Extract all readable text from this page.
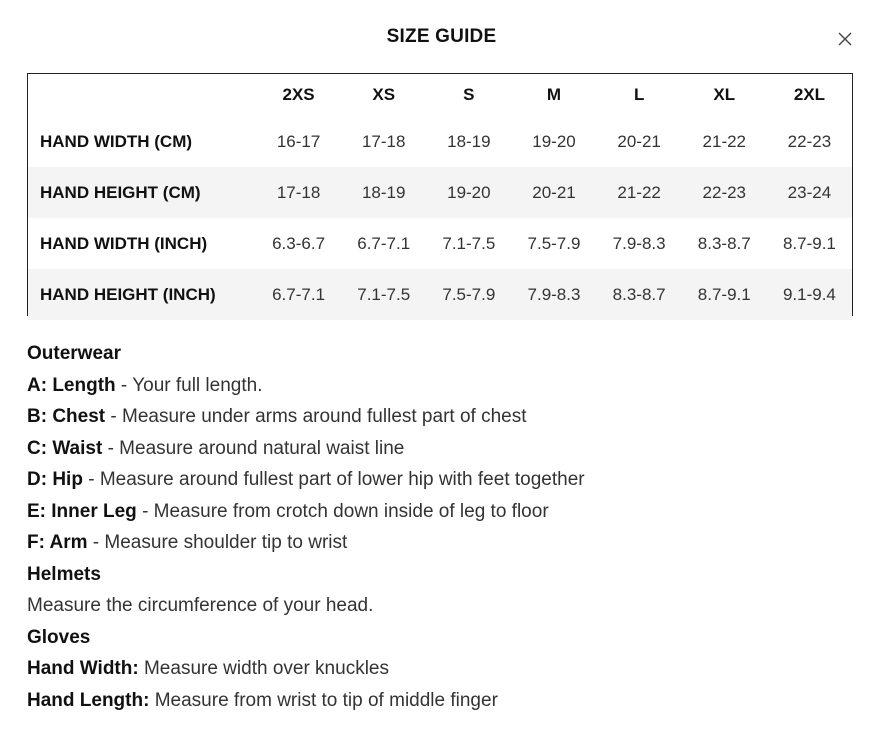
SIZE GUIDE
	2XS	XS	S	M	L	XL	2XL
HAND WIDTH (CM)	16-17	17-18	18-19	19-20	20-21	21-22	22-23
HAND HEIGHT (CM)	17-18	18-19	19-20	20-21	21-22	22-23	23-24
HAND WIDTH (INCH)	6.3-6.7	6.7-7.1	7.1-7.5	7.5-7.9	7.9-8.3	8.3-8.7	8.7-9.1
HAND HEIGHT (INCH)	6.7-7.1	7.1-7.5	7.5-7.9	7.9-8.3	8.3-8.7	8.7-9.1	9.1-9.4
Outerwear
A: Length - Your full length.
B: Chest - Measure under arms around fullest part of chest
C: Waist - Measure around natural waist line
D: Hip - Measure around fullest part of lower hip with feet together
E: Inner Leg - Measure from crotch down inside of leg to floor
F: Arm - Measure shoulder tip to wrist
Helmets
Measure the circumference of your head.
Gloves
Hand Width: Measure width over knuckles
Hand Length: Measure from wrist to tip of middle finger
